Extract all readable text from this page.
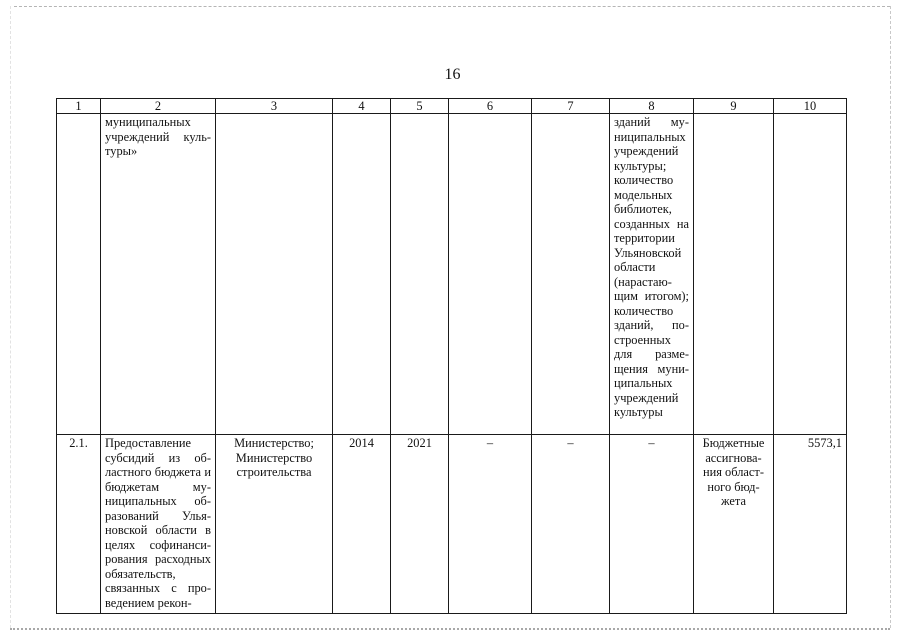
16
1	2	3	4	5	6	7	8	9	10
	муниципальных учреждений культуры»						зданий муниципальных учреждений культуры; количество модельных библиотек, созданных на территории Ульяновской области (нарастающим итогом); количество зданий, построенных для размещения муниципальных учреждений культуры		
2.1.	Предоставление субсидий из областного бюджета и бюджетам муниципальных образований Ульяновской области в целях софинансирования расходных обязательств, связанных с проведением рекон-	Министерство; Министерство строительства	2014	2021	–	–	–	Бюджетные ассигнования областного бюджета	5573,1
